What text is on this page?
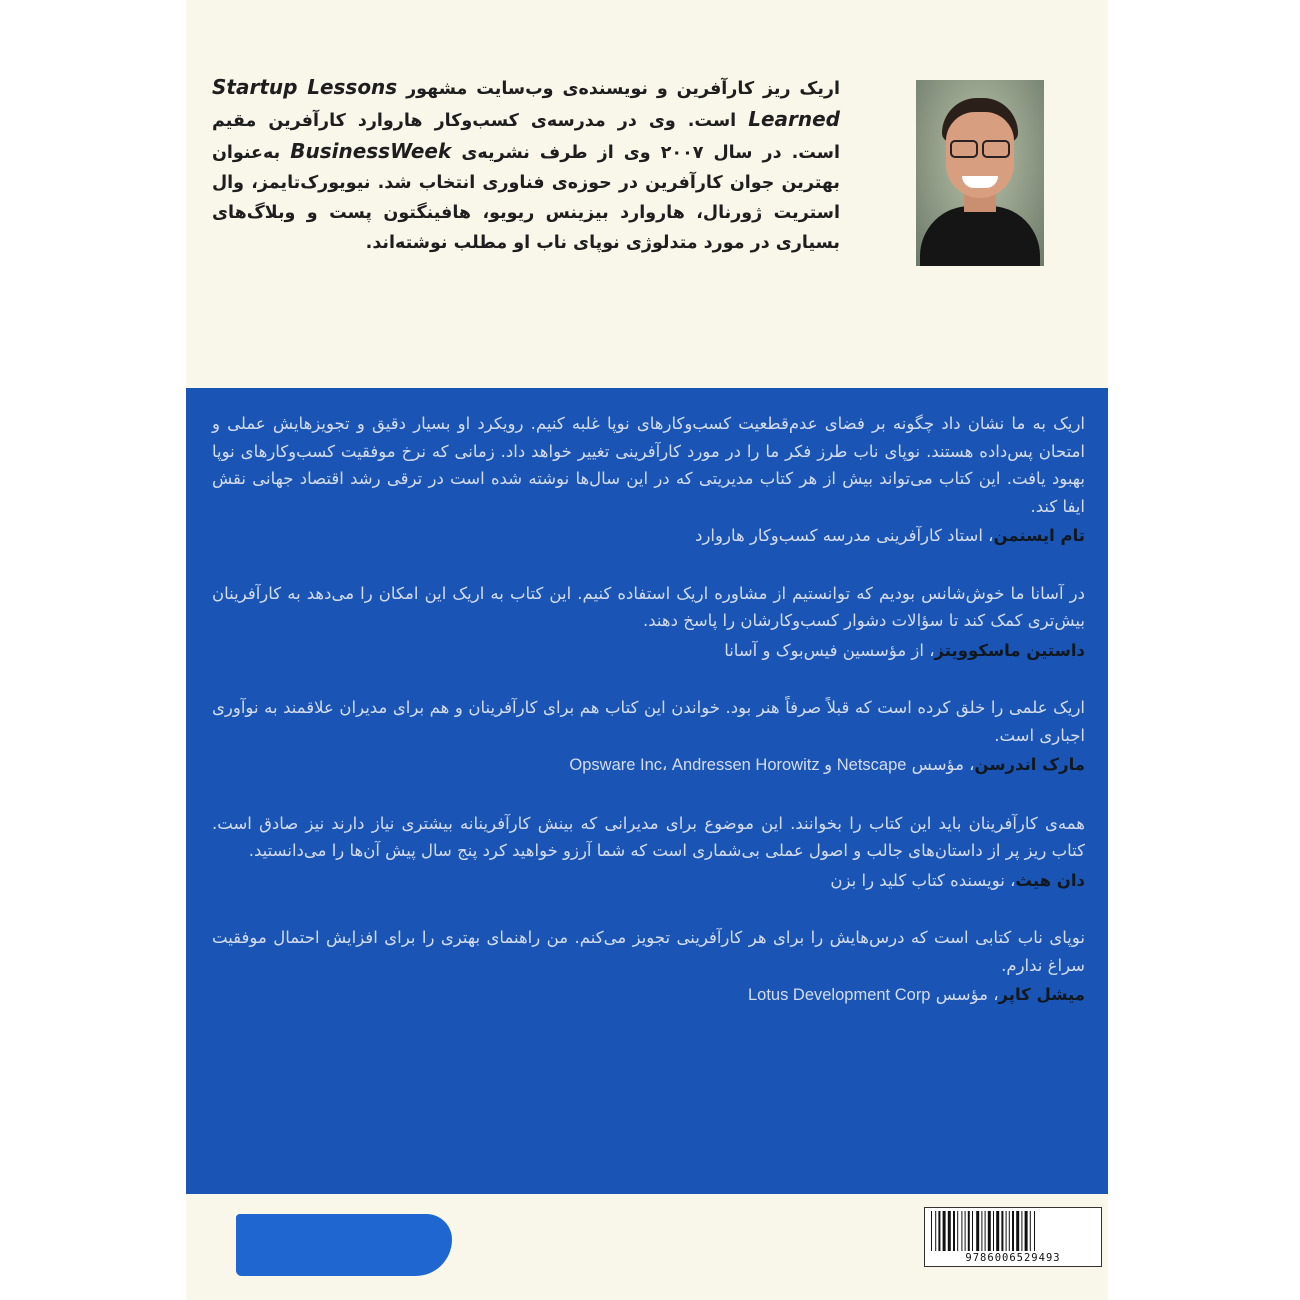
اریک ریز کارآفرین و نویسنده‌ی وب‌سایت مشهور Startup Lessons Learned است. وی در مدرسه‌ی کسب‌وکار هاروارد کارآفرین مقیم است. در سال ۲۰۰۷ وی از طرف نشریه‌ی BusinessWeek به‌عنوان بهترین جوان کارآفرین در حوزه‌ی فناوری انتخاب شد. نیویورک‌تایمز، وال استریت ژورنال، هاروارد بیزینس ریویو، هافینگتون پست و وبلاگ‌های بسیاری در مورد متدلوژی نوپای ناب او مطلب نوشته‌اند.
اریک به ما نشان داد چگونه بر فضای عدم‌قطعیت کسب‌وکارهای نوپا غلبه کنیم. رویکرد او بسیار دقیق و تجویزهایش عملی و امتحان پس‌داده هستند. نوپای ناب طرز فکر ما را در مورد کارآفرینی تغییر خواهد داد. زمانی که نرخ موفقیت کسب‌وکارهای نوپا بهبود یافت. این کتاب می‌تواند بیش از هر کتاب مدیریتی که در این سال‌ها نوشته شده است در ترقی رشد اقتصاد جهانی نقش ایفا کند.
تام ایسنمن، استاد کارآفرینی مدرسه کسب‌وکار هاروارد
در آسانا ما خوش‌شانس بودیم که توانستیم از مشاوره اریک استفاده کنیم. این کتاب به اریک این امکان را می‌دهد به کارآفرینان بیش‌تری کمک کند تا سؤالات دشوار کسب‌وکارشان را پاسخ دهند.
داستین ماسکوویتز، از مؤسسین فیس‌بوک و آسانا
اریک علمی را خلق کرده است که قبلاً صرفاً هنر بود. خواندن این کتاب هم برای کارآفرینان و هم برای مدیران علاقمند به نوآوری اجباری است.
مارک اندرسن، مؤسس Opsware Inc، Andressen Horowitz و Netscape
همه‌ی کارآفرینان باید این کتاب را بخوانند. این موضوع برای مدیرانی که بینش کارآفرینانه بیشتری نیاز دارند نیز صادق است. کتاب ریز پر از داستان‌های جالب و اصول عملی بی‌شماری است که شما آرزو خواهید کرد پنج سال پیش آن‌ها را می‌دانستید.
دان هیث، نویسنده کتاب کلید را بزن
نوپای ناب کتابی است که درس‌هایش را برای هر کارآفرینی تجویز می‌کنم. من راهنمای بهتری را برای افزایش احتمال موفقیت سراغ ندارم.
میشل کاپر، مؤسس Lotus Development Corp
9786006529493
